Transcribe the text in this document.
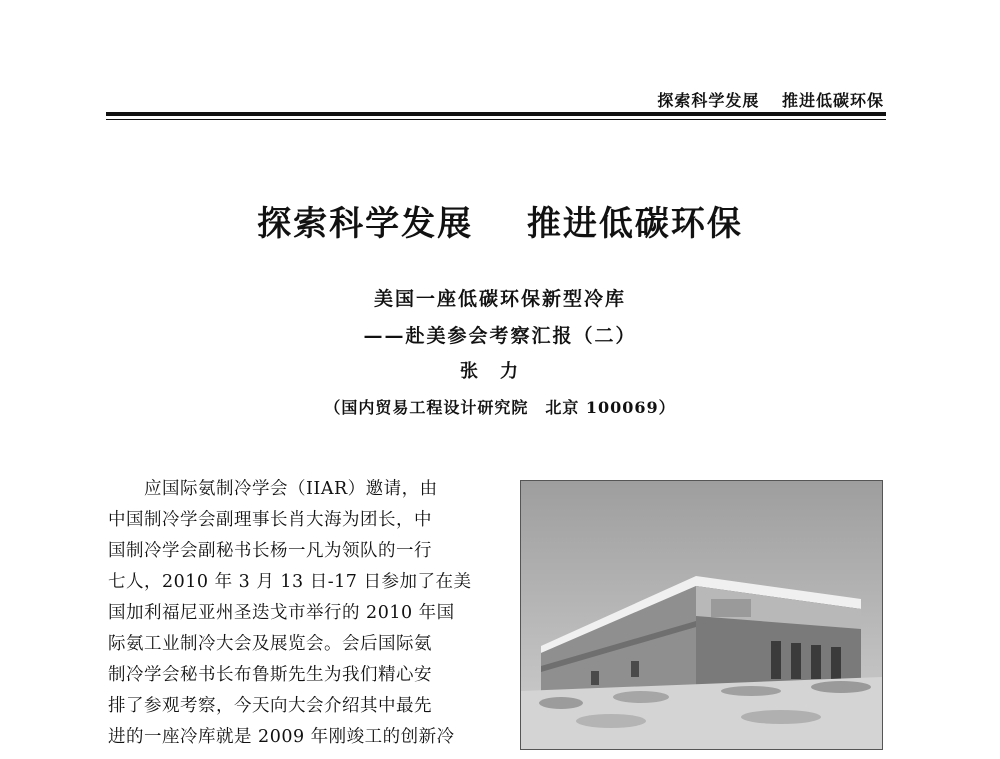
探索科学发展 推进低碳环保
探索科学发展 推进低碳环保
美国一座低碳环保新型冷库
——赴美参会考察汇报（二）
张力
（国内贸易工程设计研究院　北京 100069）
　　应国际氨制冷学会（IIAR）邀请，由
中国制冷学会副理事长肖大海为团长，中
国制冷学会副秘书长杨一凡为领队的一行
七人，2010 年 3 月 13 日-17 日参加了在美
国加利福尼亚州圣迭戈市举行的 2010 年国
际氨工业制冷大会及展览会。会后国际氨
制冷学会秘书长布鲁斯先生为我们精心安
排了参观考察，今天向大会介绍其中最先
进的一座冷库就是 2009 年刚竣工的创新冷
